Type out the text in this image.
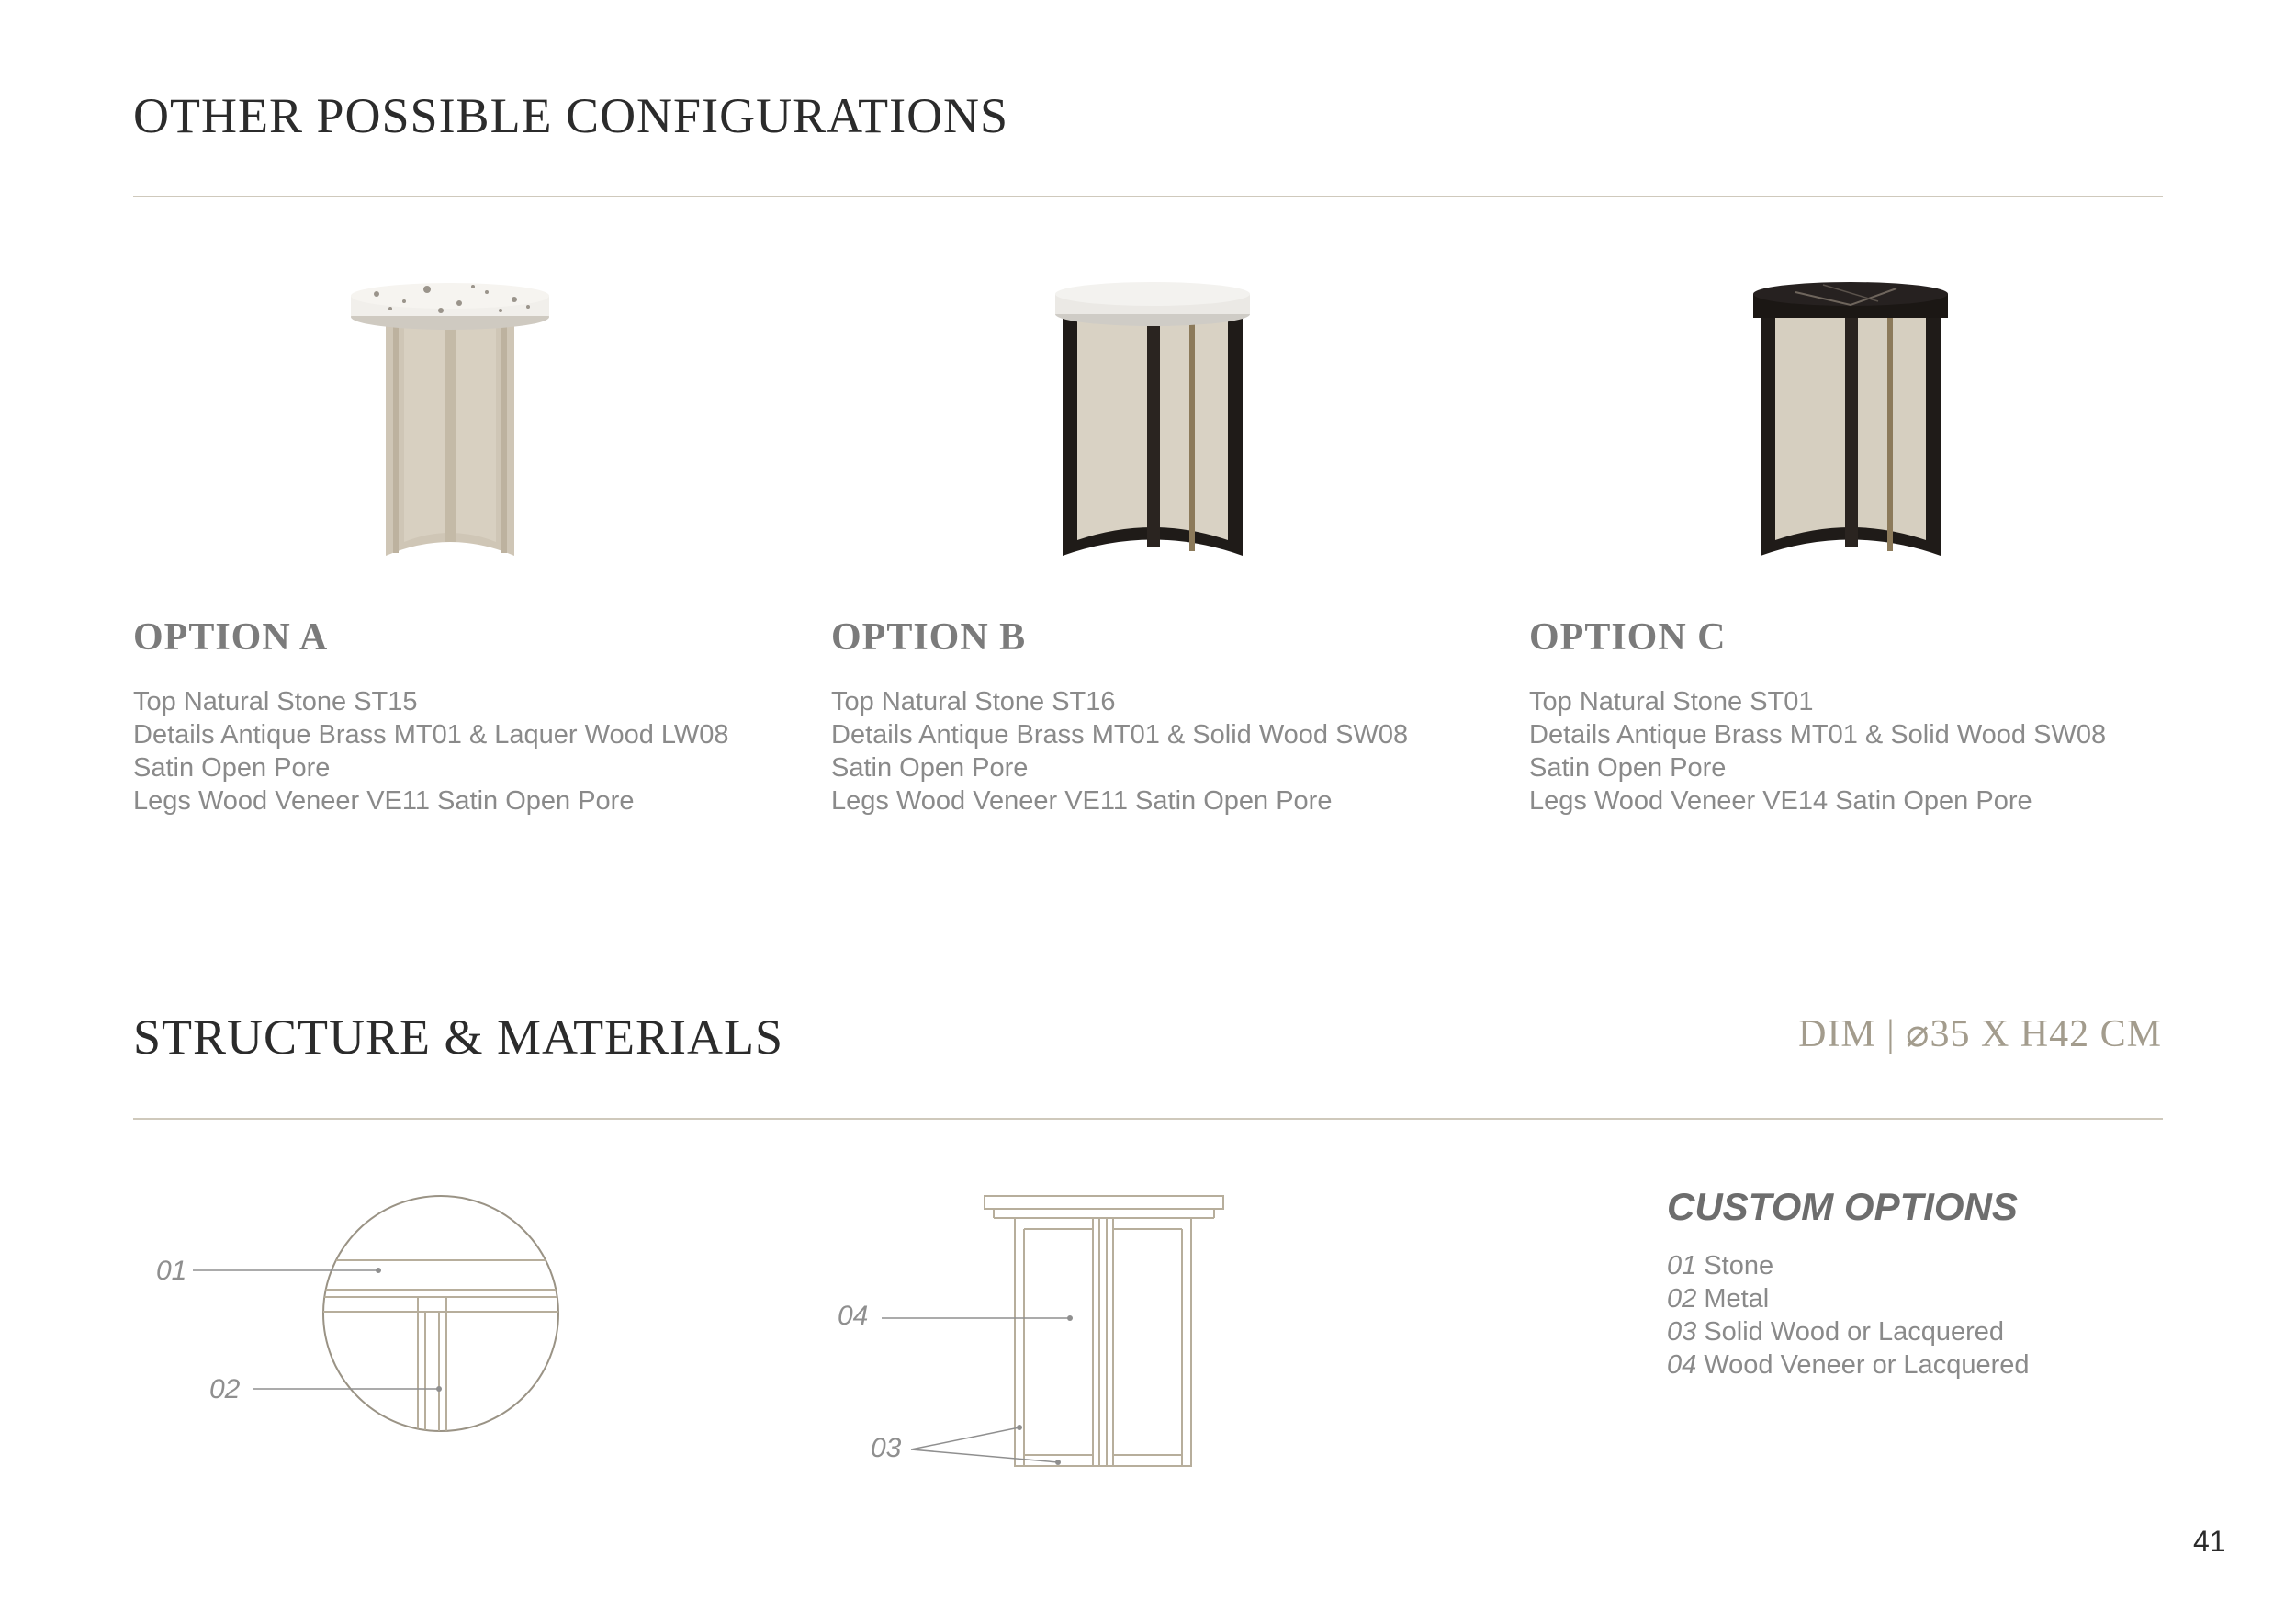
OTHER POSSIBLE CONFIGURATIONS
OPTION A
Top Natural Stone ST15
Details Antique Brass MT01 & Laquer Wood LW08
Satin Open Pore
Legs Wood Veneer VE11 Satin Open Pore
OPTION B
Top Natural Stone ST16
Details Antique Brass MT01 & Solid Wood SW08
Satin Open Pore
Legs Wood Veneer VE11 Satin Open Pore
OPTION C
Top Natural Stone ST01
Details Antique Brass MT01 & Solid Wood SW08
Satin Open Pore
Legs Wood Veneer VE14 Satin Open Pore
STRUCTURE & MATERIALS	DIM | ⌀35 X H42 CM
01
02
04
03
CUSTOM OPTIONS
01 Stone
02 Metal
03 Solid Wood or Lacquered
04 Wood Veneer or Lacquered
41
